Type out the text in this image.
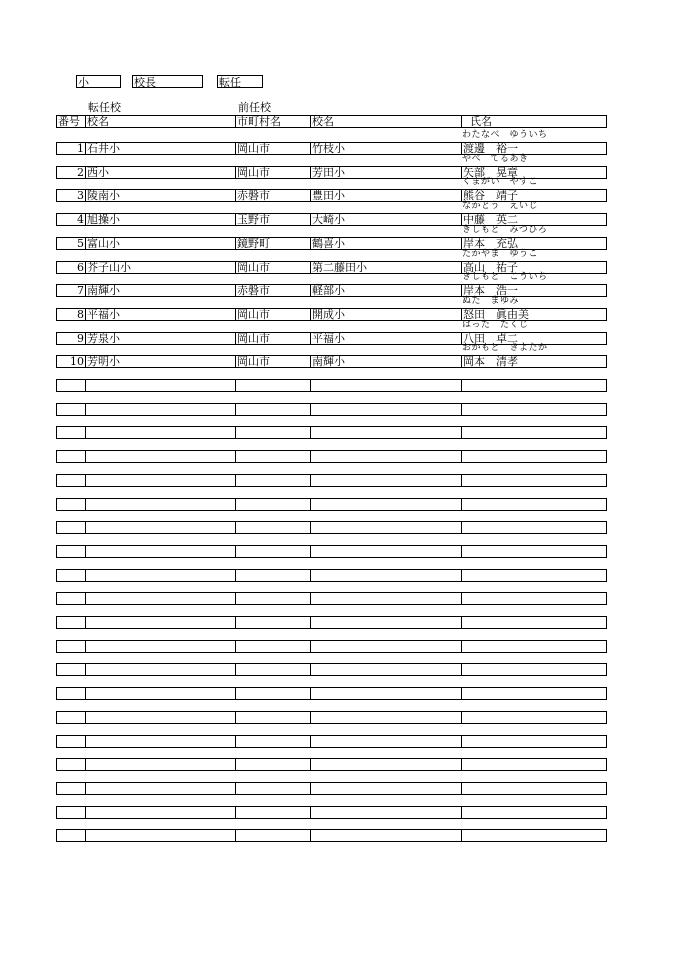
小	校長	転任
転任校	前任校
番号 校名	市町村名	校名	氏名
1 石井小	岡山市	竹枝小	渡邊　裕一
わたなべ　ゆういち
2 西小	岡山市	芳田小	矢部　晃章
やべ　てるあき
3 陵南小	赤磐市	豊田小	熊谷　靖子
くまがい　やすこ
4 旭操小	玉野市	大崎小	中藤　英二
なかとう　えいじ
5 富山小	鏡野町	鶴喜小	岸本　充弘
きしもと　みつひろ
6 芥子山小	岡山市	第二藤田小	高山　祐子
たかやま　ゆうこ
7 南輝小	赤磐市	軽部小	岸本　浩一
きしもと　こういち
8 平福小	岡山市	開成小	怒田　眞由美
ぬた　まゆみ
9 芳泉小	岡山市	平福小	八田　卓二
はった　たくじ
10 芳明小	岡山市	南輝小	岡本　清孝
おかもと　きよたか
